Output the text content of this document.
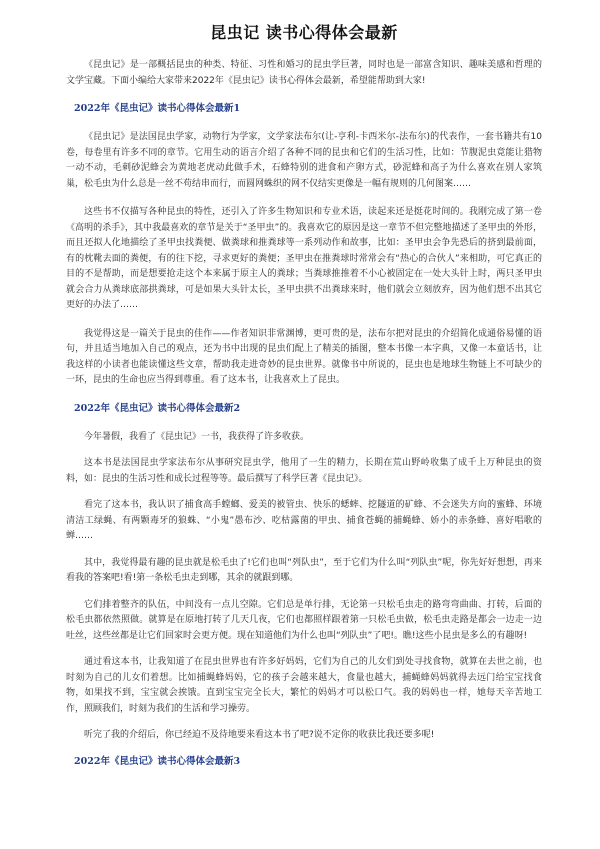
昆虫记 读书心得体会最新

《昆虫记》是一部概括昆虫的种类、特征、习性和婚习的昆虫学巨著，同时也是一部富含知识、趣味美感和哲理的文学宝藏。下面小编给大家带来2022年《昆虫记》读书心得体会最新，希望能帮助到大家!

2022年《昆虫记》读书心得体会最新1

《昆虫记》是法国昆虫学家，动物行为学家，文学家法布尔(让-亨利-卡西米尔-法布尔)的代表作，一套书籍共有10卷，每卷里有许多不同的章节。它用生动的语言介绍了各种不同的昆虫和它们的生活习性，比如：节腹泥虫竟能让猎物一动不动，毛刺砂泥蜂会为黄地老虎动此做手术，石蜂特别的进食和产卵方式，砂泥蜂和高子为什么喜欢在别人家筑巢，松毛虫为什么总是一丝不苟结串而行，而圆网蛛织的网不仅结实更像是一幅有规则的几何图案……

这些书不仅描写各种昆虫的特性，还引入了许多生物知识和专业术语，读起来还是挺花时间的。我刚完成了第一卷《高明的杀手》，其中我最喜欢的章节是关于“圣甲虫”的。我喜欢它的原因是这一章节不但完整地描述了圣甲虫的外形，而且还拟人化地描绘了圣甲虫找粪便、做粪球和推粪球等一系列动作和故事，比如：圣甲虫会争先恐后的挤到最前面，有的枕靴去面的粪便，有的往下挖，寻求更好的粪便；圣甲虫在推粪球时常常会有“热心的合伙人”来相助，可它真正的目的不是帮助，而是想要抢走这个本来属于原主人的粪球；当粪球推推着不小心被固定在一处大头针上时，两只圣甲虫就会合力从粪球底部拱粪球，可是如果大头针太长，圣甲虫拱不出粪球来时，他们就会立刻放弃，因为他们想不出其它更好的办法了……

我觉得这是一篇关于昆虫的佳作——作者知识非常渊博，更可贵的是，法布尔把对昆虫的介绍简化成通俗易懂的语句，并且适当地加入自己的观点，还为书中出现的昆虫们配上了精美的插图，整本书像一本字典，又像一本童话书，让我这样的小读者也能读懂这些文章，帮助我走进奇妙的昆虫世界。就像书中所说的，昆虫也是地球生物链上不可缺少的一环，昆虫的生命也应当得到尊重。看了这本书，让我喜欢上了昆虫。

2022年《昆虫记》读书心得体会最新2

今年暑假，我看了《昆虫记》一书，我获得了许多收获。

这本书是法国昆虫学家法布尔从事研究昆虫学，他用了一生的精力，长期在荒山野岭收集了成千上万种昆虫的资料，如：昆虫的生活习性和成长过程等等。最后撰写了科学巨著《昆虫记》。

看完了这本书，我认识了捕食高手螳螂、爱美的被管虫、快乐的蟋蟀、挖隧道的矿蜂、不会迷失方向的蜜蜂、环境清洁工绿蝇、有两颗毒牙的狼蛛、“小鬼”愚布沙、吃枯露菌的甲虫、捕食苍蝇的捕蝇蜂、娇小的赤条蜂、喜好唱歌的蝉……

其中，我觉得最有趣的昆虫就是松毛虫了!它们也叫“列队虫”，至于它们为什么叫“列队虫”呢，你先好好想想，再来看我的答案吧!看!第一条松毛虫走到哪，其余的就跟到哪。

它们排着整齐的队伍，中间没有一点儿空隙。它们总是单行排，无论第一只松毛虫走的路弯弯曲曲、打转，后面的松毛虫都依然照做。就算是在原地打转了几天几夜，它们也都照样跟着第一只松毛虫做，松毛虫走路是都会一边走一边吐丝，这些丝都是让它们回家时会更方便。现在知道他们为什么也叫“列队虫”了吧!。瞧!这些小昆虫是多么的有趣呀!

通过看这本书，让我知道了在昆虫世界也有许多好妈妈，它们为自己的儿女们到处寻找食物，就算在去世之前，也时刻为自己的儿女们着想。比如捕蝇蜂妈妈，它的孩子会越来越大，食量也越大，捕蝇蜂妈妈就得去远门给宝宝找食物，如果找不到，宝宝就会挨饿。直到宝宝完全长大，繁忙的妈妈才可以松口气。我的妈妈也一样，她每天辛苦地工作，照顾我们，时刻为我们的生活和学习操劳。

听完了我的介绍后，你已经迫不及待地要来看这本书了吧?说不定你的收获比我还要多呢!

2022年《昆虫记》读书心得体会最新3
